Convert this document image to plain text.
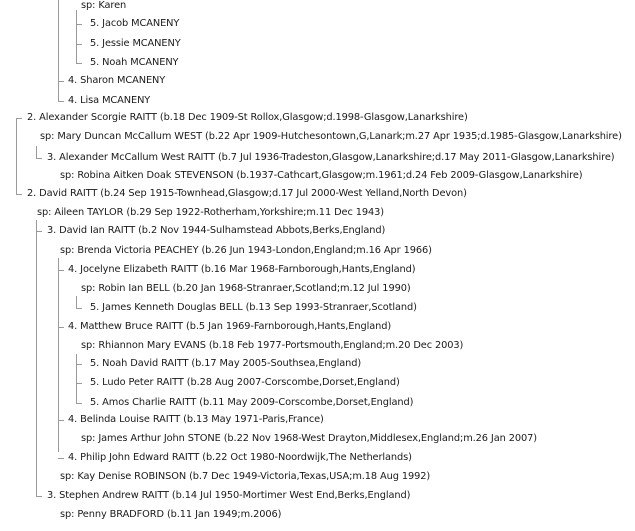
sp: Karen
5. Jacob MCANENY
5. Jessie MCANENY
5. Noah MCANENY
4. Sharon MCANENY
4. Lisa MCANENY
2. Alexander Scorgie RAITT (b.18 Dec 1909-St Rollox,Glasgow;d.1998-Glasgow,Lanarkshire)
sp: Mary Duncan McCallum WEST (b.22 Apr 1909-Hutchesontown,G,Lanark;m.27 Apr 1935;d.1985-Glasgow,Lanarkshire)
3. Alexander McCallum West RAITT (b.7 Jul 1936-Tradeston,Glasgow,Lanarkshire;d.17 May 2011-Glasgow,Lanarkshire)
sp: Robina Aitken Doak STEVENSON (b.1937-Cathcart,Glasgow;m.1961;d.24 Feb 2009-Glasgow,Lanarkshire)
2. David RAITT (b.24 Sep 1915-Townhead,Glasgow;d.17 Jul 2000-West Yelland,North Devon)
sp: Aileen TAYLOR (b.29 Sep 1922-Rotherham,Yorkshire;m.11 Dec 1943)
3. David Ian RAITT (b.2 Nov 1944-Sulhamstead Abbots,Berks,England)
sp: Brenda Victoria PEACHEY (b.26 Jun 1943-London,England;m.16 Apr 1966)
4. Jocelyne Elizabeth RAITT (b.16 Mar 1968-Farnborough,Hants,England)
sp: Robin Ian BELL (b.20 Jan 1968-Stranraer,Scotland;m.12 Jul 1990)
5. James Kenneth Douglas BELL (b.13 Sep 1993-Stranraer,Scotland)
4. Matthew Bruce RAITT (b.5 Jan 1969-Farnborough,Hants,England)
sp: Rhiannon Mary EVANS (b.18 Feb 1977-Portsmouth,England;m.20 Dec 2003)
5. Noah David RAITT (b.17 May 2005-Southsea,England)
5. Ludo Peter RAITT (b.28 Aug 2007-Corscombe,Dorset,England)
5. Amos Charlie RAITT (b.11 May 2009-Corscombe,Dorset,England)
4. Belinda Louise RAITT (b.13 May 1971-Paris,France)
sp: James Arthur John STONE (b.22 Nov 1968-West Drayton,Middlesex,England;m.26 Jan 2007)
4. Philip John Edward RAITT (b.22 Oct 1980-Noordwijk,The Netherlands)
sp: Kay Denise ROBINSON (b.7 Dec 1949-Victoria,Texas,USA;m.18 Aug 1992)
3. Stephen Andrew RAITT (b.14 Jul 1950-Mortimer West End,Berks,England)
sp: Penny BRADFORD (b.11 Jan 1949;m.2006)
